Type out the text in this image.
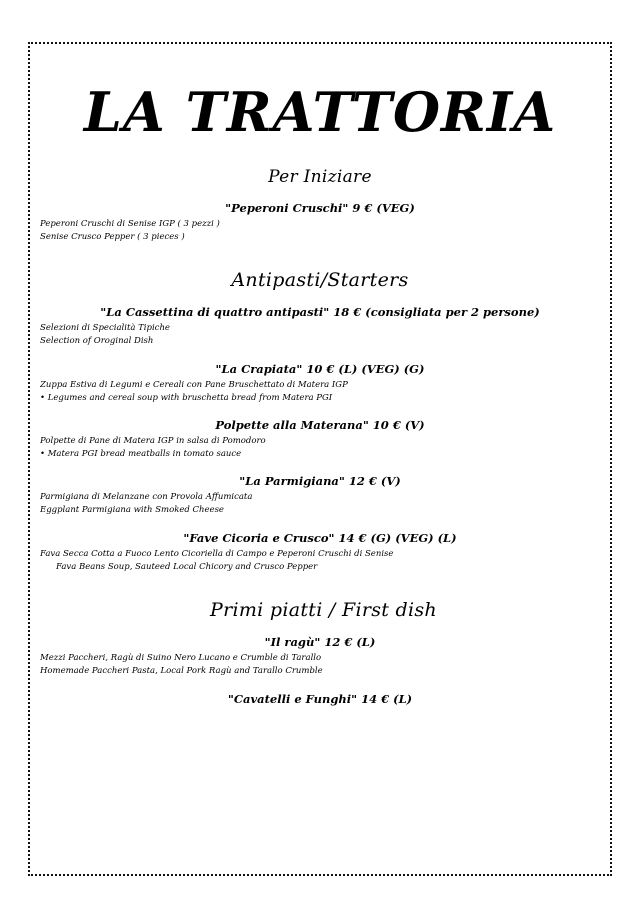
LA TRATTORIA
Per Iniziare
"Peperoni Cruschi" 9 € (VEG)
• Peperoni Cruschi di Senise IGP ( 3 pezzi )
• Senise Crusco Pepper ( 3 pieces )
Antipasti/Starters
"La Cassettina di quattro antipasti" 18 € (consigliata per 2 persone)
• Selezioni di Specialità Tipiche
• Selection of Oroginal Dish
"La Crapiata" 10 € (L) (VEG) (G)
• Zuppa Estiva di Legumi e Cereali con Pane Bruschettato di Matera IGP
• • Legumes and cereal soup with bruschetta bread from Matera PGI
Polpette alla Materana" 10 € (V)
• Polpette di Pane di Matera IGP in salsa di Pomodoro
• • Matera PGI bread meatballs in tomato sauce
"La Parmigiana" 12 € (V)
• Parmigiana di Melanzane con Provola Affumicata
• Eggplant Parmigiana with Smoked Cheese
"Fave Cicoria e Crusco" 14 € (G) (VEG) (L)
• Fava Secca Cotta a Fuoco Lento Cicoriella di Campo e Peperoni Cruschi di Senise
• Fava Beans Soup, Sauteed Local Chicory and Crusco Pepper
Primi piatti / First dish
"Il ragù" 12 € (L)
• Mezzi Paccheri, Ragù di Suino Nero Lucano e Crumble di Tarallo
• Homemade Paccheri Pasta, Local Pork Ragù and Tarallo Crumble
"Cavatelli e Funghi" 14 € (L)
